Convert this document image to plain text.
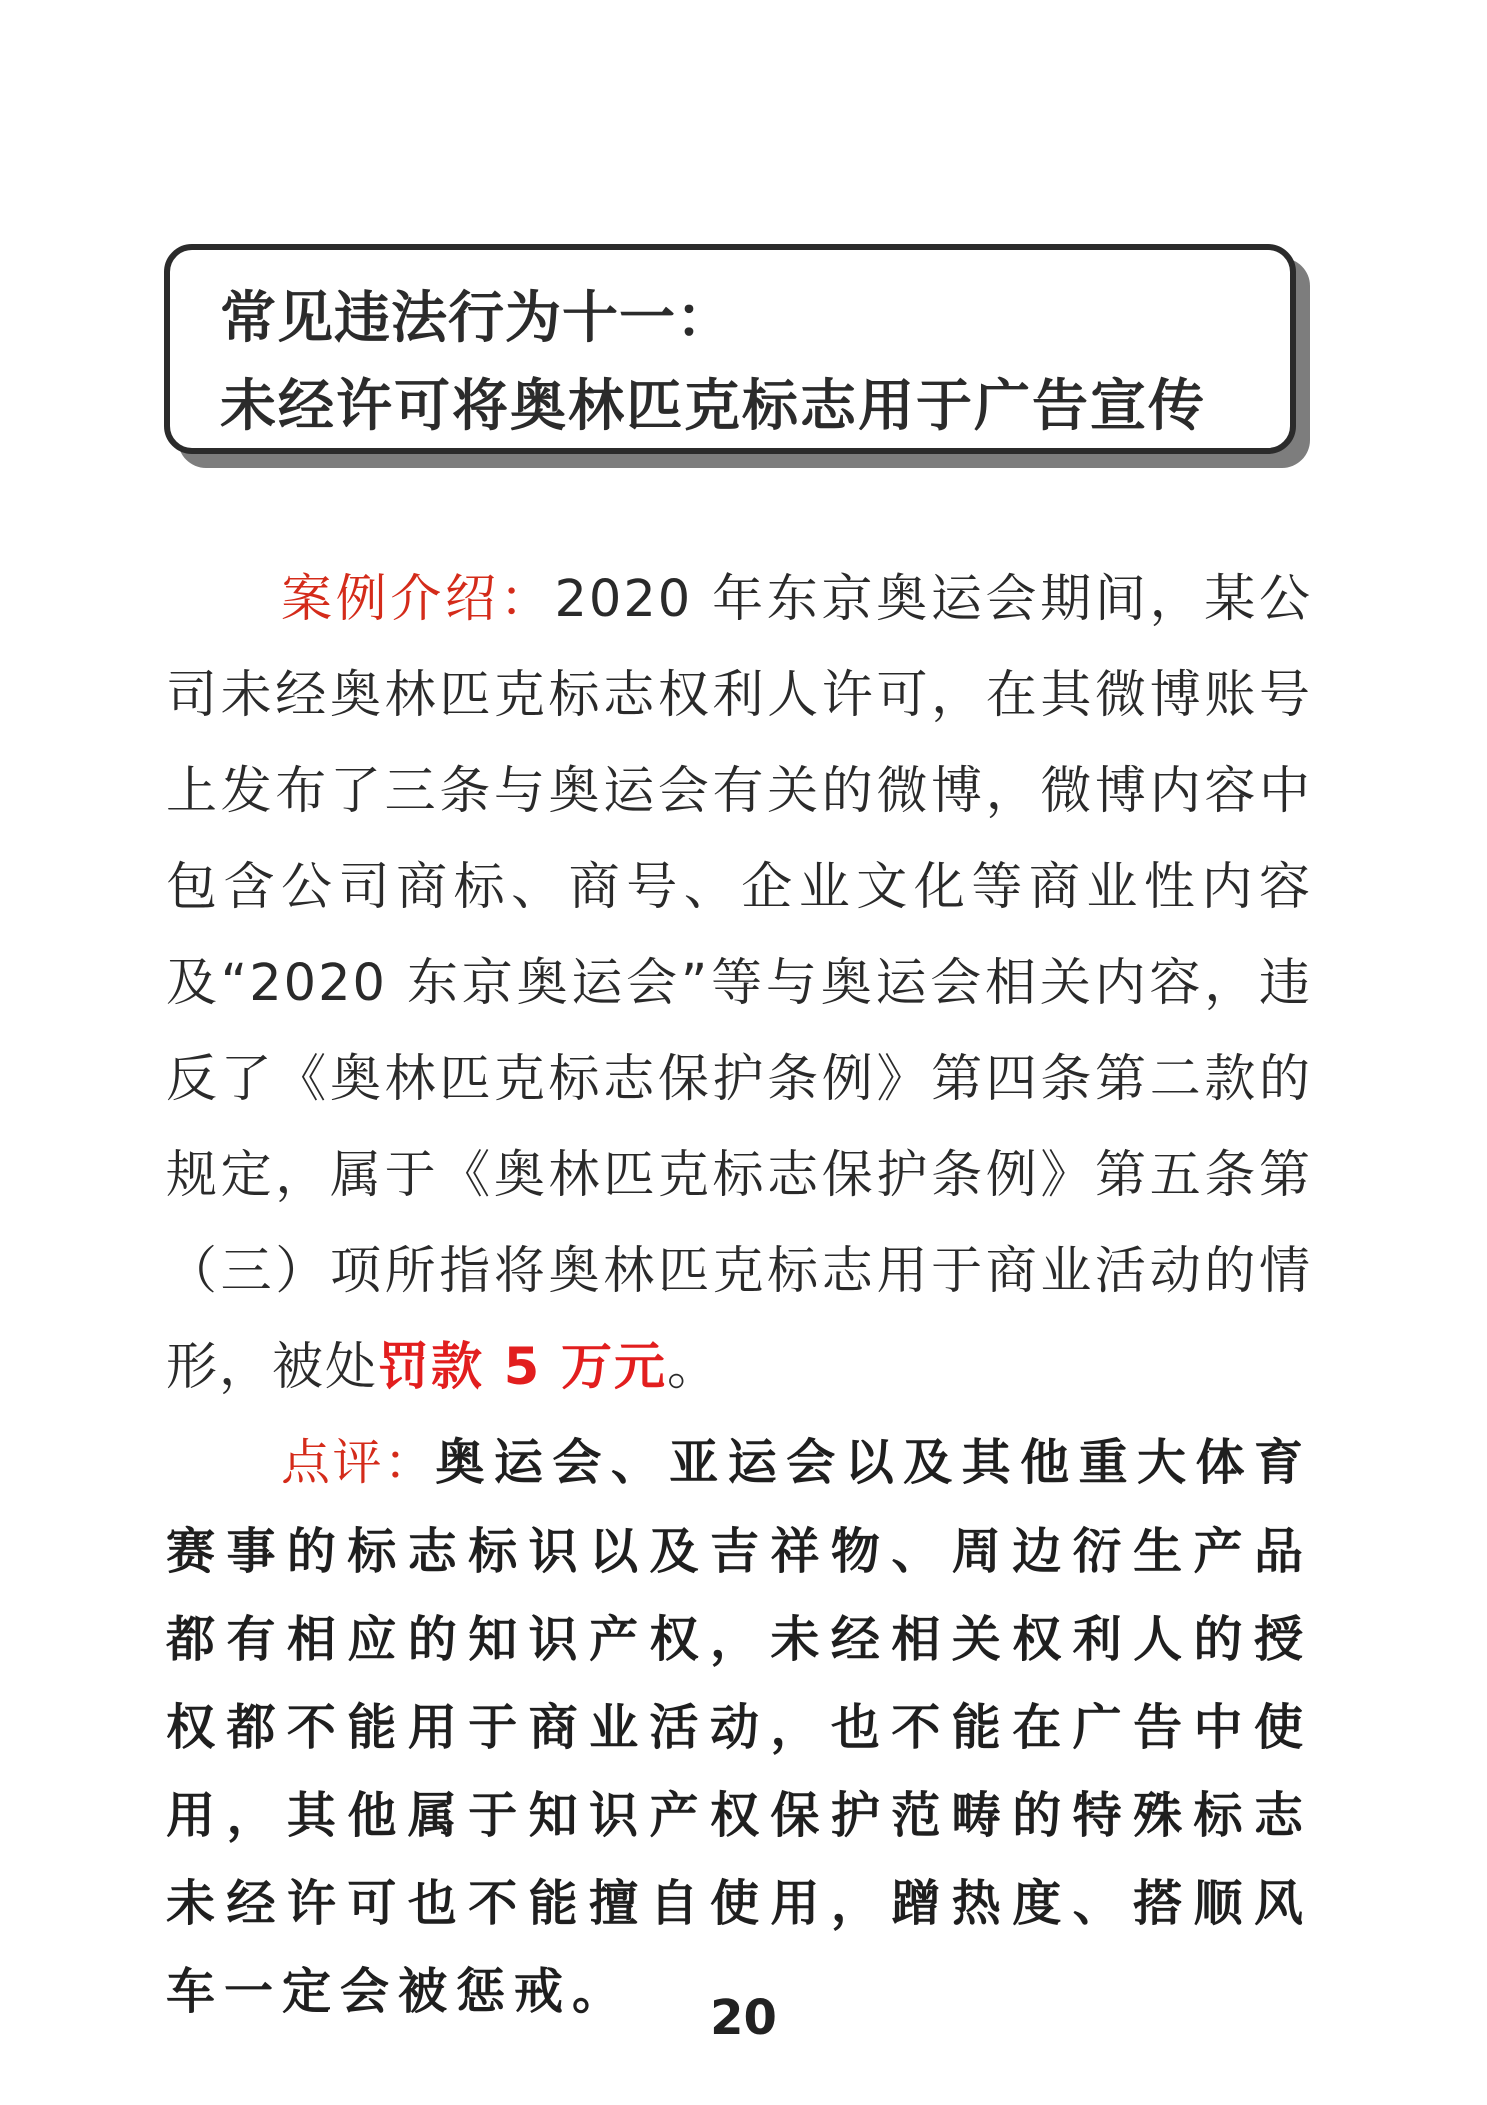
常见违法行为十一：
未经许可将奥林匹克标志用于广告宣传

案例介绍：2020 年东京奥运会期间，某公司未经奥林匹克标志权利人许可，在其微博账号上发布了三条与奥运会有关的微博，微博内容中包含公司商标、商号、企业文化等商业性内容及“2020 东京奥运会”等与奥运会相关内容，违反了《奥林匹克标志保护条例》第四条第二款的规定，属于《奥林匹克标志保护条例》第五条第（三）项所指将奥林匹克标志用于商业活动的情形，被处罚款 5 万元。

点评：奥运会、亚运会以及其他重大体育赛事的标志标识以及吉祥物、周边衍生产品都有相应的知识产权，未经相关权利人的授权都不能用于商业活动，也不能在广告中使用，其他属于知识产权保护范畴的特殊标志未经许可也不能擅自使用，蹭热度、搭顺风车一定会被惩戒。	20
